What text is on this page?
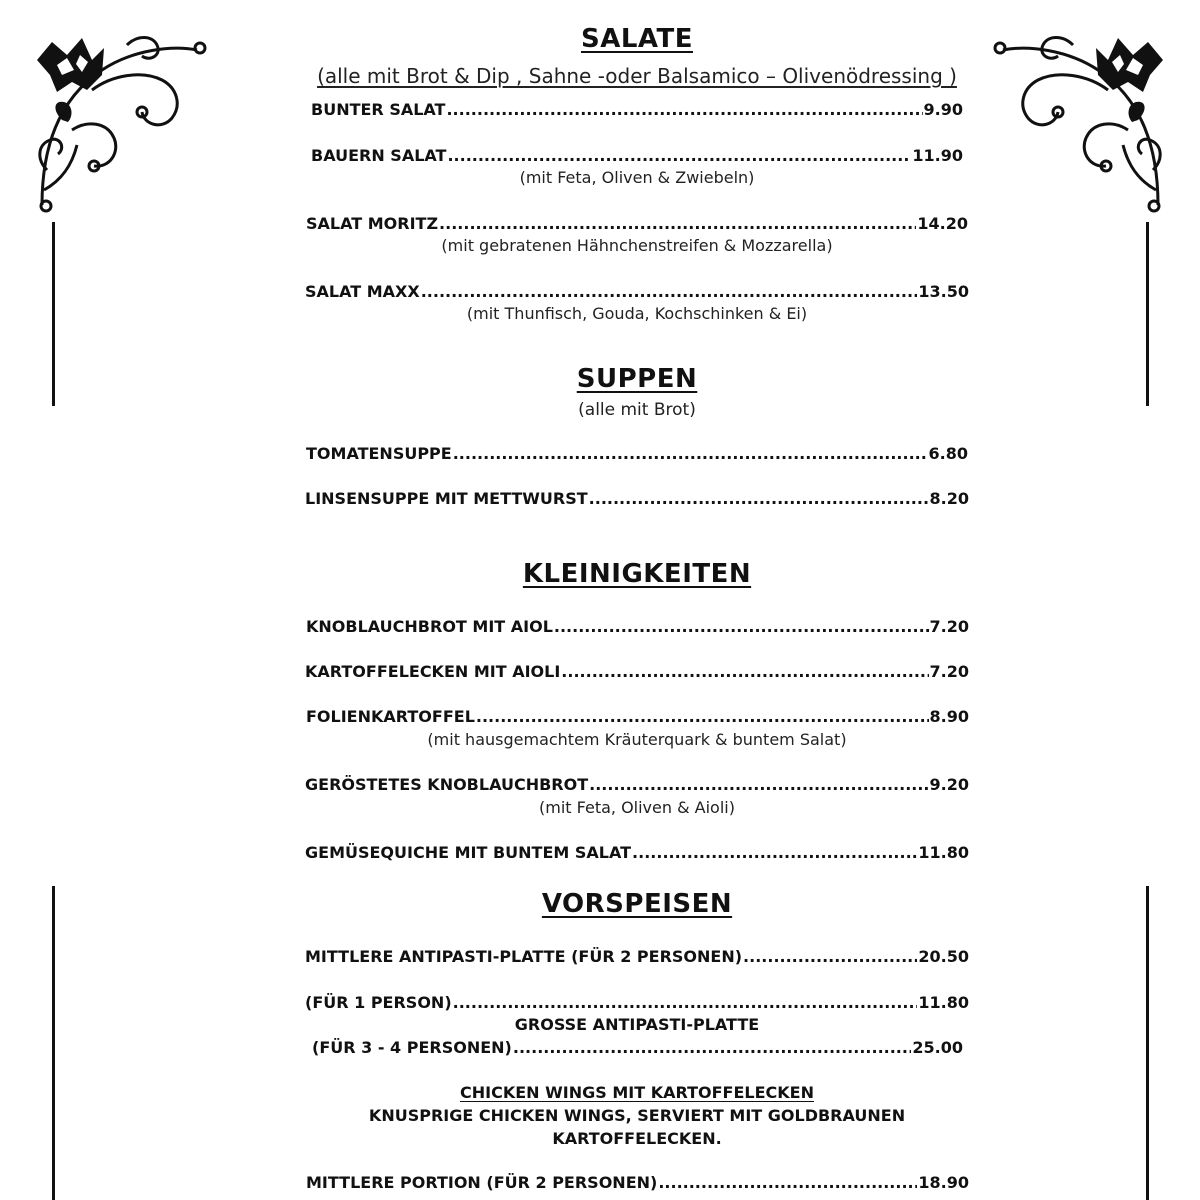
SALATE
(alle mit Brot & Dip , Sahne -oder Balsamico – Olivenödressing )
BUNTER SALAT .....	9.90
BAUERN SALAT .....	11.90
(mit Feta, Oliven & Zwiebeln)
SALAT MORITZ .....	14.20
(mit gebratenen Hähnchenstreifen & Mozzarella)
SALAT MAXX .....	13.50
(mit Thunfisch, Gouda, Kochschinken & Ei)
SUPPEN
(alle mit Brot)
TOMATENSUPPE .....	6.80
LINSENSUPPE MIT METTWURST .....	8.20
KLEINIGKEITEN
KNOBLAUCHBROT MIT AIOL .....	7.20
KARTOFFELECKEN MIT AIOLI .....	7.20
FOLIENKARTOFFEL .....	8.90
(mit hausgemachtem Kräuterquark & buntem Salat)
GERÖSTETES KNOBLAUCHBROT .....	9.20
(mit Feta, Oliven & Aioli)
GEMÜSEQUICHE MIT BUNTEM SALAT .....	11.80
VORSPEISEN
MITTLERE ANTIPASTI-PLATTE (FÜR 2 PERSONEN) .....	20.50
(FÜR 1 PERSON) .....	11.80
GROSSE ANTIPASTI-PLATTE
(FÜR 3 - 4 PERSONEN) .....	25.00
CHICKEN WINGS MIT KARTOFFELECKEN
KNUSPRIGE CHICKEN WINGS, SERVIERT MIT GOLDBRAUNEN
KARTOFFELECKEN.
MITTLERE PORTION (FÜR 2 PERSONEN) .....	18.90
